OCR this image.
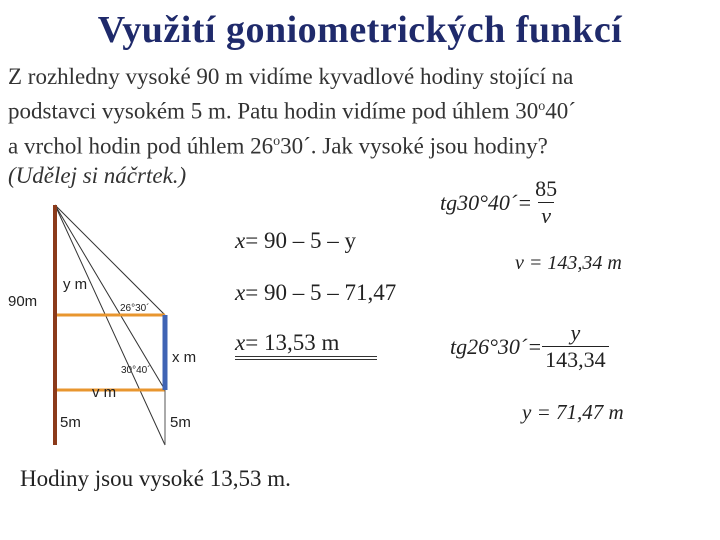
Využití goniometrických funkcí
Z rozhledny vysoké 90 m vidíme kyvadlové hodiny stojící na
podstavci vysokém 5 m. Patu hodin vidíme pod úhlem 30$^o$40´
a vrchol hodin pod úhlem 26$^o$30´. Jak vysoké jsou hodiny?
(Udělej si náčrtek.)
90m
y m
26°30´
30°40´
x m
v m
5m	5m
x= 90 – 5 – y
x= 90 – 5 – 71,47
x= 13,53 m
tg30°40´= $\frac{85}{v}$
v = 143,34 m
tg26°30´= $\frac{y}{143,34}$
y = 71,47 m
Hodiny jsou vysoké 13,53 m.
